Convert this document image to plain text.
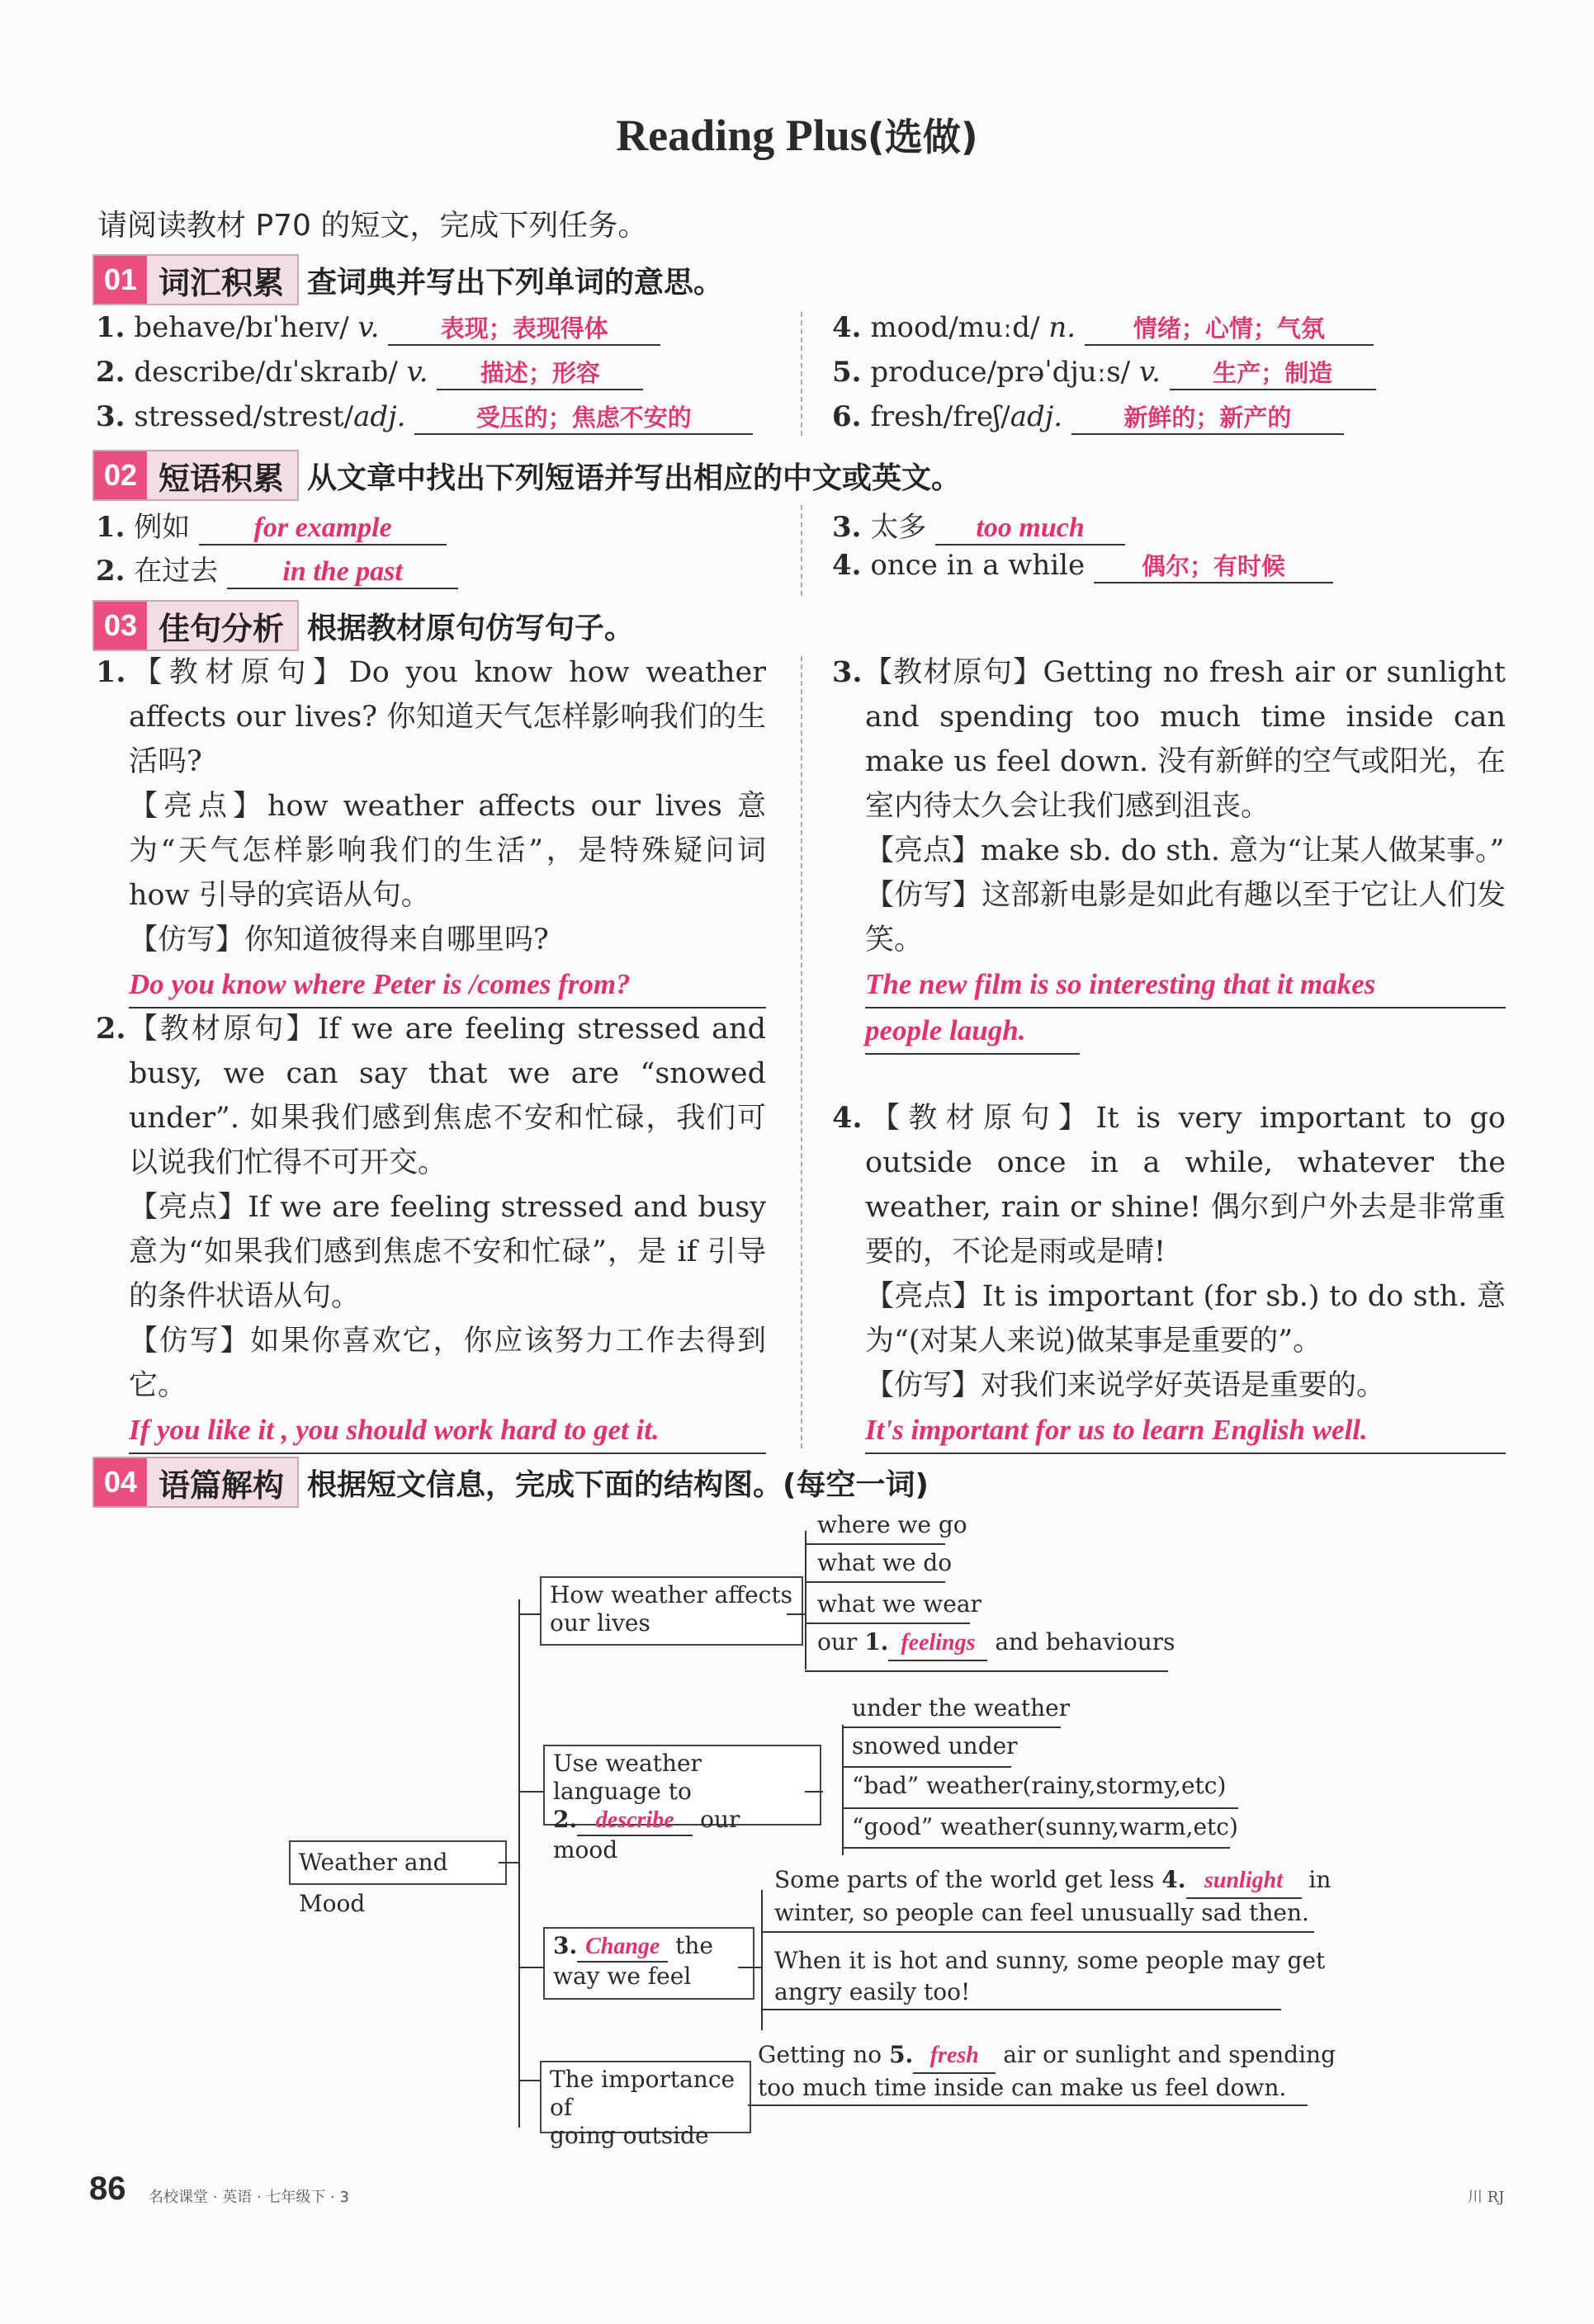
Reading Plus(选做)
请阅读教材 P70 的短文，完成下列任务。
01 词汇积累 查词典并写出下列单词的意思。
1. behave/bɪˈheɪv/ v.	表现；表现得体
2. describe/dɪˈskraɪb/ v. 描述；形容
3. stressed/strest/adj.	受压的；焦虑不安的
4. mood/muːd/ n. 情绪；心情；气氛
5. produce/prəˈdjuːs/ v. 生产；制造
6. fresh/freʃ/adj.	新鲜的；新产的
02 短语积累 从文章中找出下列短语并写出相应的中文或英文。
1. 例如 for example
2. 在过去 in the past
3. 太多 too much
4. once in a while 偶尔；有时候
03 佳句分析 根据教材原句仿写句子。

1.【教材原句】Do you know how weather affects our lives? 你知道天气怎样影响我们的生活吗?

【亮点】how weather affects our lives 意为“天气怎样影响我们的生活”，是特殊疑问词 how 引导的宾语从句。

【仿写】你知道彼得来自哪里吗?

Do you know where Peter is /comes from?

2.【教材原句】If we are feeling stressed and busy, we can say that we are “snowed under”. 如果我们感到焦虑不安和忙碌，我们可以说我们忙得不可开交。

【亮点】If we are feeling stressed and busy 意为“如果我们感到焦虑不安和忙碌”，是 if 引导的条件状语从句。

【仿写】如果你喜欢它，你应该努力工作去得到它。

If you like it , you should work hard to get it.

3.【教材原句】Getting no fresh air or sunlight and spending too much time inside can make us feel down. 没有新鲜的空气或阳光，在室内待太久会让我们感到沮丧。

【亮点】make sb. do sth. 意为“让某人做某事。”

【仿写】这部新电影是如此有趣以至于它让人们发笑。

The new film is so interesting that it makes

people laugh.

4.【教材原句】It is very important to go outside once in a while, whatever the weather, rain or shine! 偶尔到户外去是非常重要的，不论是雨或是晴!

【亮点】It is important (for sb.) to do sth. 意为“(对某人来说)做某事是重要的”。

【仿写】对我们来说学好英语是重要的。

It's important for us to learn English well.

04 语篇解构 根据短文信息，完成下面的结构图。(每空一词)
Weather and Mood
How weather affects our lives
where we go
what we do
what we wear
our 1. feelings and behaviours
Use weather language to
2. describe our mood
under the weather
snowed under
“bad” weather(rainy,stormy,etc)
“good” weather(sunny,warm,etc)
3. Change the
way we feel
Some parts of the world get less 4. sunlight in
winter, so people can feel unusually sad then.
When it is hot and sunny, some people may get
angry easily too!
The importance of
going outside
Getting no 5. fresh air or sunlight and spending
too much time inside can make us feel down.
86 名校课堂 · 英语 · 七年级下 · 3	川 RJ
